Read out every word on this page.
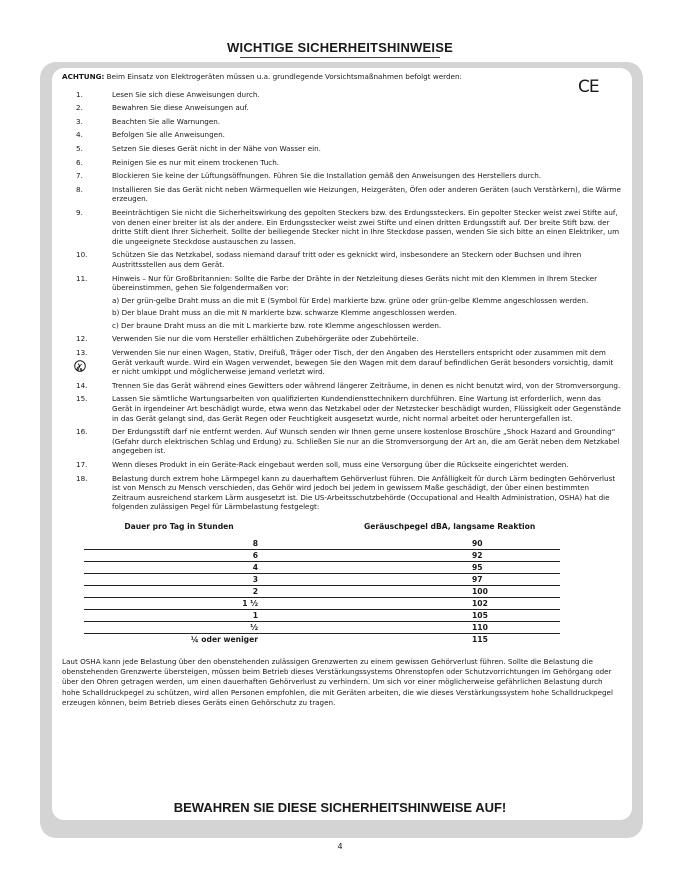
WICHTIGE SICHERHEITSHINWEISE
CE

ACHTUNG: Beim Einsatz von Elektrogeräten müssen u.a. grundlegende Vorsichtsmaßnahmen befolgt werden:

1.	Lesen Sie sich diese Anweisungen durch.

2.	Bewahren Sie diese Anweisungen auf.

3.	Beachten Sie alle Warnungen.

4.	Befolgen Sie alle Anweisungen.

5.	Setzen Sie dieses Gerät nicht in der Nähe von Wasser ein.

6.	Reinigen Sie es nur mit einem trockenen Tuch.

7.	Blockieren Sie keine der Lüftungsöffnungen. Führen Sie die Installation gemäß den Anweisungen des Herstellers durch.

8.	Installieren Sie das Gerät nicht neben Wärmequellen wie Heizungen, Heizgeräten, Öfen oder anderen Geräten (auch Verstärkern), die Wärme erzeugen.

9.	Beeinträchtigen Sie nicht die Sicherheitswirkung des gepolten Steckers bzw. des Erdungssteckers. Ein gepolter Stecker weist zwei Stifte auf, von denen einer breiter ist als der andere. Ein Erdungsstecker weist zwei Stifte und einen dritten Erdungsstift auf. Der breite Stift bzw. der dritte Stift dient Ihrer Sicherheit. Sollte der beiliegende Stecker nicht in Ihre Steckdose passen, wenden Sie sich bitte an einen Elektriker, um die ungeeignete Steckdose austauschen zu lassen.

10.	Schützen Sie das Netzkabel, sodass niemand darauf tritt oder es geknickt wird, insbesondere an Steckern oder Buchsen und ihren Austrittsstellen aus dem Gerät.

11.	Hinweis – Nur für Großbritannien: Sollte die Farbe der Drähte in der Netzleitung dieses Geräts nicht mit den Klemmen in Ihrem Stecker übereinstimmen, gehen Sie folgendermaßen vor:

a) Der grün-gelbe Draht muss an die mit E (Symbol für Erde) markierte bzw. grüne oder grün-gelbe Klemme angeschlossen werden.

b) Der blaue Draht muss an die mit N markierte bzw. schwarze Klemme angeschlossen werden.

c) Der braune Draht muss an die mit L markierte bzw. rote Klemme angeschlossen werden.

12.	Verwenden Sie nur die vom Hersteller erhältlichen Zubehörgeräte oder Zubehörteile.

13.	Verwenden Sie nur einen Wagen, Stativ, Dreifuß, Träger oder Tisch, der den Angaben des Herstellers entspricht oder zusammen mit dem Gerät verkauft wurde. Wird ein Wagen verwendet, bewegen Sie den Wagen mit dem darauf befindlichen Gerät besonders vorsichtig, damit er nicht umkippt und möglicherweise jemand verletzt wird.

14.	Trennen Sie das Gerät während eines Gewitters oder während längerer Zeiträume, in denen es nicht benutzt wird, von der Stromversorgung.

15.	Lassen Sie sämtliche Wartungsarbeiten von qualifizierten Kundendiensttechnikern durchführen. Eine Wartung ist erforderlich, wenn das Gerät in irgendeiner Art beschädigt wurde, etwa wenn das Netzkabel oder der Netzstecker beschädigt wurden, Flüssigkeit oder Gegenstände in das Gerät gelangt sind, das Gerät Regen oder Feuchtigkeit ausgesetzt wurde, nicht normal arbeitet oder heruntergefallen ist.

16.	Der Erdungsstift darf nie entfernt werden. Auf Wunsch senden wir Ihnen gerne unsere kostenlose Broschüre „Shock Hazard and Grounding“ (Gefahr durch elektrischen Schlag und Erdung) zu. Schließen Sie nur an die Stromversorgung der Art an, die am Gerät neben dem Netzkabel angegeben ist.

17.	Wenn dieses Produkt in ein Geräte-Rack eingebaut werden soll, muss eine Versorgung über die Rückseite eingerichtet werden.

18.	Belastung durch extrem hohe Lärmpegel kann zu dauerhaftem Gehörverlust führen. Die Anfälligkeit für durch Lärm bedingten Gehörverlust ist von Mensch zu Mensch verschieden, das Gehör wird jedoch bei jedem in gewissem Maße geschädigt, der über einen bestimmten Zeitraum ausreichend starkem Lärm ausgesetzt ist. Die US-Arbeitsschutzbehörde (Occupational and Health Administration, OSHA) hat die folgenden zulässigen Pegel für Lärmbelastung festgelegt:

Dauer pro Tag in Stunden	Geräuschpegel dBA, langsame Reaktion
8	90
6	92
4	95
3	97
2	100
1 ½	102
1	105
½	110
¼ oder weniger	115

Laut OSHA kann jede Belastung über den obenstehenden zulässigen Grenzwerten zu einem gewissen Gehörverlust führen. Sollte die Belastung die obenstehenden Grenzwerte übersteigen, müssen beim Betrieb dieses Verstärkungssystems Ohrenstopfen oder Schutzvorrichtungen im Gehörgang oder über den Ohren getragen werden, um einen dauerhaften Gehörverlust zu verhindern. Um sich vor einer möglicherweise gefährlichen Belastung durch hohe Schalldruckpegel zu schützen, wird allen Personen empfohlen, die mit Geräten arbeiten, die wie dieses Verstärkungssystem hohe Schalldruckpegel erzeugen können, beim Betrieb dieses Geräts einen Gehörschutz zu tragen.

BEWAHREN SIE DIESE SICHERHEITSHINWEISE AUF!
4
